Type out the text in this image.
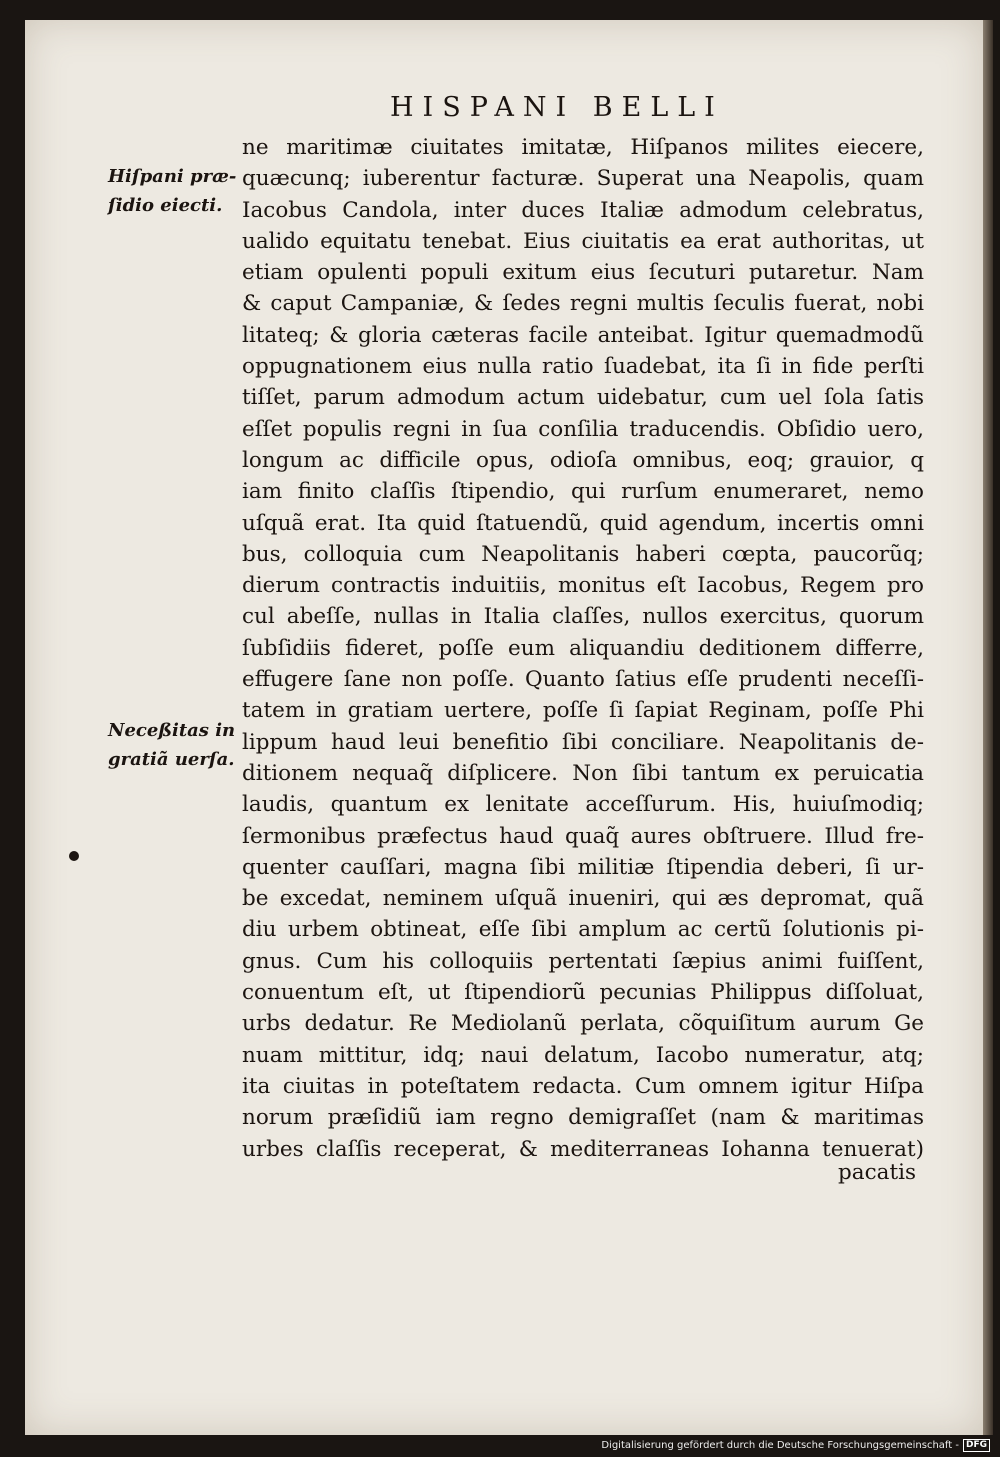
HISPANI BELLI
Hiſpani præ-
ſidio eiecti.
Neceßitas in
gratiã uerſa.
ne maritimæ ciuitates imitatæ, Hiſpanos milites eiecere,
quæcunq; iuberentur facturæ. Superat una Neapolis, quam
Iacobus Candola, inter duces Italiæ admodum celebratus,
ualido equitatu tenebat. Eius ciuitatis ea erat authoritas, ut
etiam opulenti populi exitum eius ſecuturi putaretur. Nam
& caput Campaniæ, & ſedes regni multis ſeculis fuerat, nobi
litateq; & gloria cæteras facile anteibat. Igitur quemadmodũ
oppugnationem eius nulla ratio ſuadebat, ita ſi in fide perſti
tiſſet, parum admodum actum uidebatur, cum uel ſola ſatis
eſſet populis regni in ſua conſilia traducendis. Obſidio uero,
longum ac difficile opus, odioſa omnibus, eoq; grauior, q
iam finito claſſis ſtipendio, qui rurſum enumeraret, nemo
uſquã erat. Ita quid ſtatuendũ, quid agendum, incertis omni
bus, colloquia cum Neapolitanis haberi cœpta, paucorũq;
dierum contractis induitiis, monitus eſt Iacobus, Regem pro
cul abeſſe, nullas in Italia claſſes, nullos exercitus, quorum
ſubſidiis fideret, poſſe eum aliquandiu deditionem differre,
effugere ſane non poſſe. Quanto ſatius eſſe prudenti neceſſi-
tatem in gratiam uertere, poſſe ſi ſapiat Reginam, poſſe Phi
lippum haud leui benefitio ſibi conciliare. Neapolitanis de-
ditionem nequaq̃ diſplicere. Non ſibi tantum ex peruicatia
laudis, quantum ex lenitate acceſſurum. His, huiuſmodiq;
ſermonibus præfectus haud quaq̃ aures obſtruere. Illud fre-
quenter cauſſari, magna ſibi militiæ ſtipendia deberi, ſi ur-
be excedat, neminem uſquã inueniri, qui æs depromat, quã
diu urbem obtineat, eſſe ſibi amplum ac certũ ſolutionis pi-
gnus. Cum his colloquiis pertentati ſæpius animi fuiſſent,
conuentum eſt, ut ſtipendiorũ pecunias Philippus diſſoluat,
urbs dedatur. Re Mediolanũ perlata, cõquiſitum aurum Ge
nuam mittitur, idq; naui delatum, Iacobo numeratur, atq;
ita ciuitas in poteſtatem redacta. Cum omnem igitur Hiſpa
norum præſidiũ iam regno demigraſſet (nam & maritimas
urbes claſſis receperat, & mediterraneas Iohanna tenuerat)
pacatis
Digitalisierung gefördert durch die Deutsche Forschungsgemeinschaft - DFG
